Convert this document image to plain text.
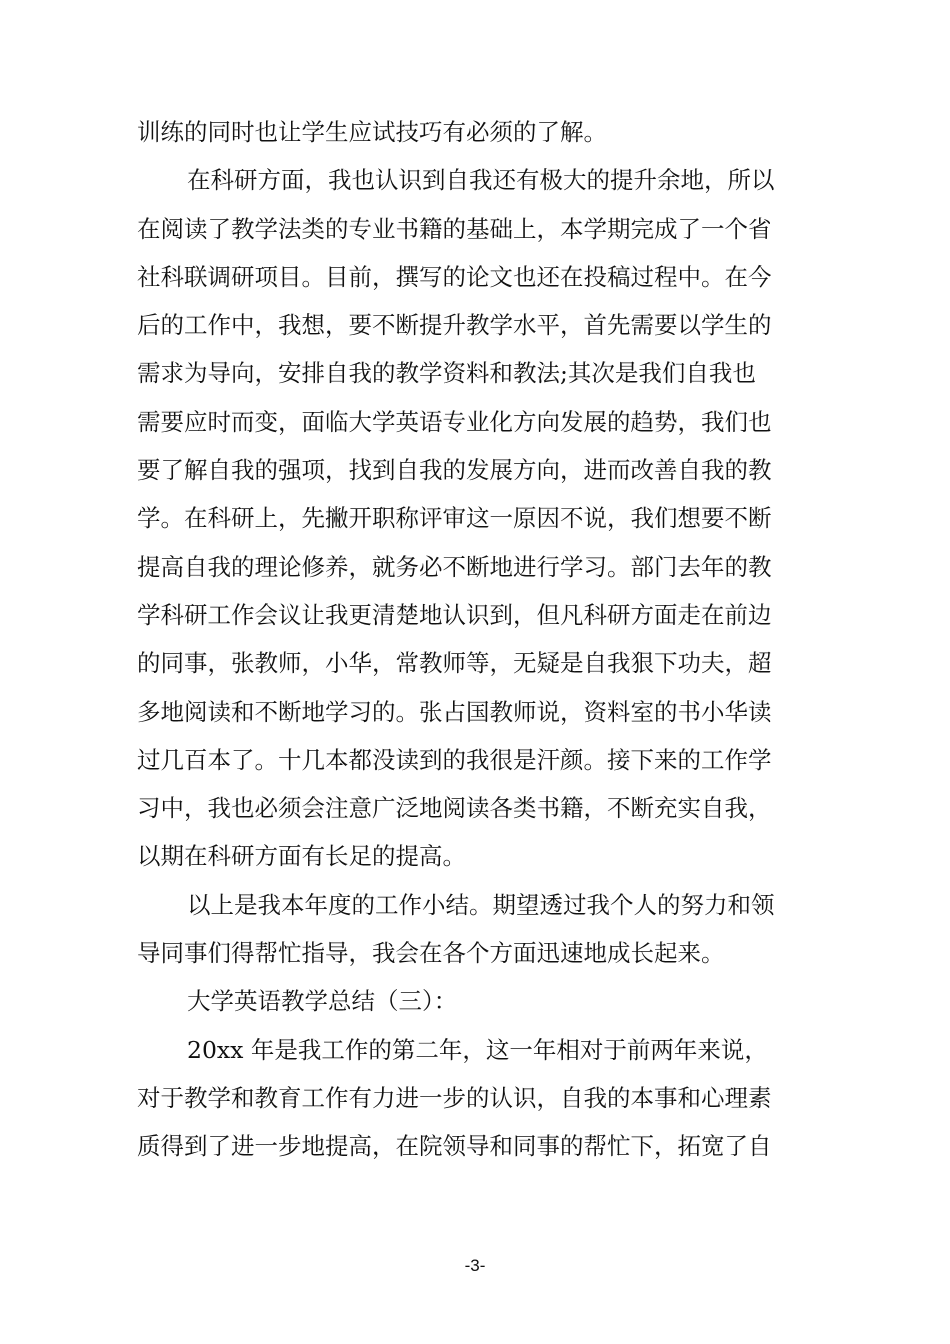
训练的同时也让学生应试技巧有必须的了解。
在科研方面，我也认识到自我还有极大的提升余地，所以
在阅读了教学法类的专业书籍的基础上，本学期完成了一个省
社科联调研项目。目前，撰写的论文也还在投稿过程中。在今
后的工作中，我想，要不断提升教学水平，首先需要以学生的
需求为导向，安排自我的教学资料和教法;其次是我们自我也
需要应时而变，面临大学英语专业化方向发展的趋势，我们也
要了解自我的强项，找到自我的发展方向，进而改善自我的教
学。在科研上，先撇开职称评审这一原因不说，我们想要不断
提高自我的理论修养，就务必不断地进行学习。部门去年的教
学科研工作会议让我更清楚地认识到，但凡科研方面走在前边
的同事，张教师，小华，常教师等，无疑是自我狠下功夫，超
多地阅读和不断地学习的。张占国教师说，资料室的书小华读
过几百本了。十几本都没读到的我很是汗颜。接下来的工作学
习中，我也必须会注意广泛地阅读各类书籍，不断充实自我，
以期在科研方面有长足的提高。
以上是我本年度的工作小结。期望透过我个人的努力和领
导同事们得帮忙指导，我会在各个方面迅速地成长起来。
大学英语教学总结（三）：
20xx 年是我工作的第二年，这一年相对于前两年来说，
对于教学和教育工作有力进一步的认识，自我的本事和心理素
质得到了进一步地提高，在院领导和同事的帮忙下，拓宽了自
-3-
